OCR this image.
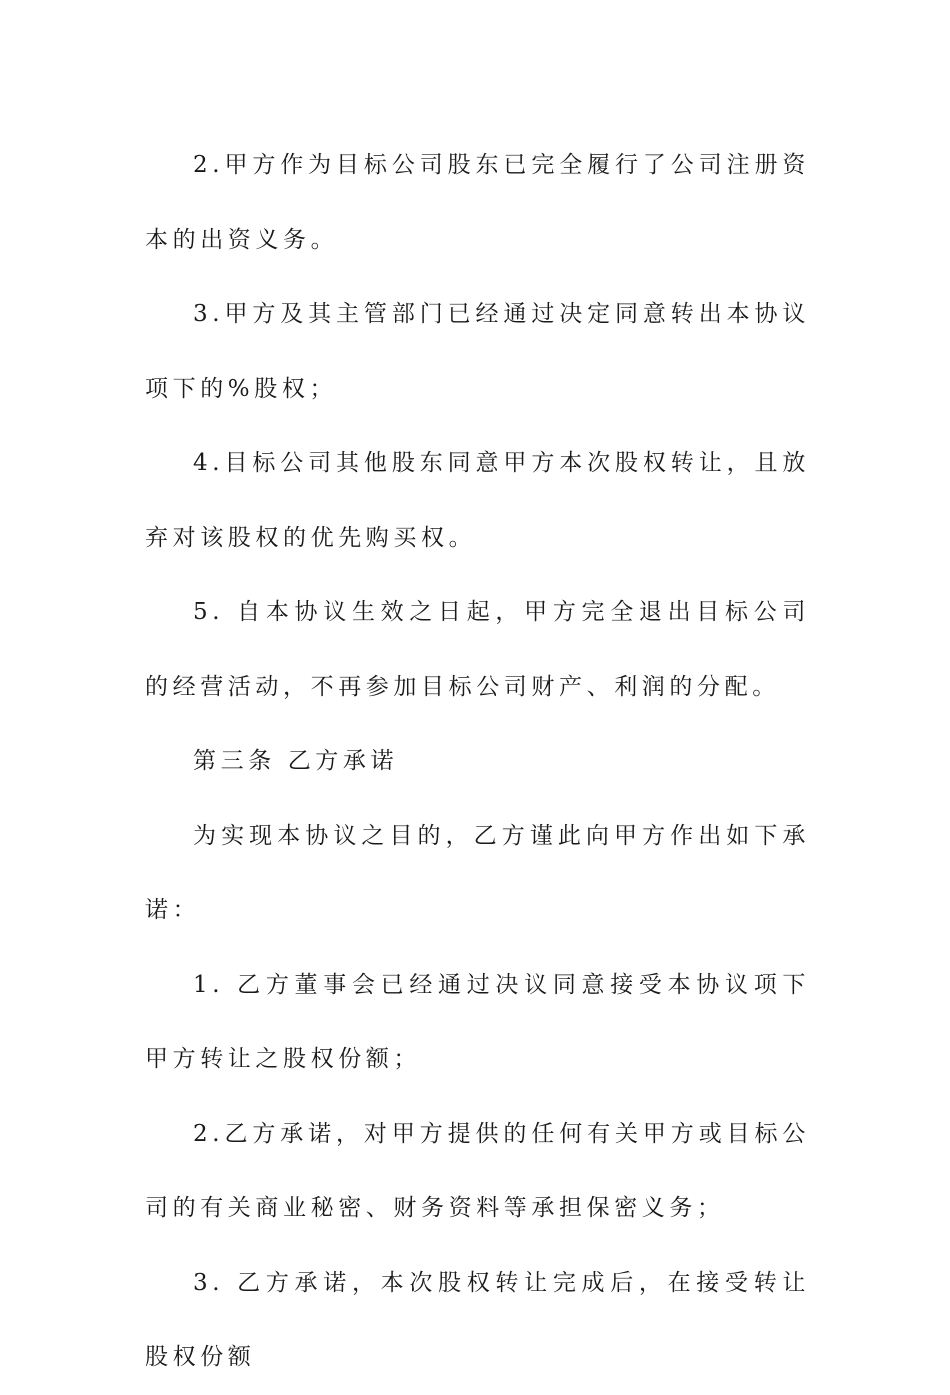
2.甲方作为目标公司股东已完全履行了公司注册资本的出资义务。

3.甲方及其主管部门已经通过决定同意转出本协议项下的%股权；

4.目标公司其他股东同意甲方本次股权转让，且放弃对该股权的优先购买权。

5. 自本协议生效之日起，甲方完全退出目标公司的经营活动，不再参加目标公司财产、利润的分配。

第三条 乙方承诺

为实现本协议之目的，乙方谨此向甲方作出如下承诺：

1. 乙方董事会已经通过决议同意接受本协议项下甲方转让之股权份额；

2.乙方承诺，对甲方提供的任何有关甲方或目标公司的有关商业秘密、财务资料等承担保密义务；

3. 乙方承诺，本次股权转让完成后，在接受转让股权份额
